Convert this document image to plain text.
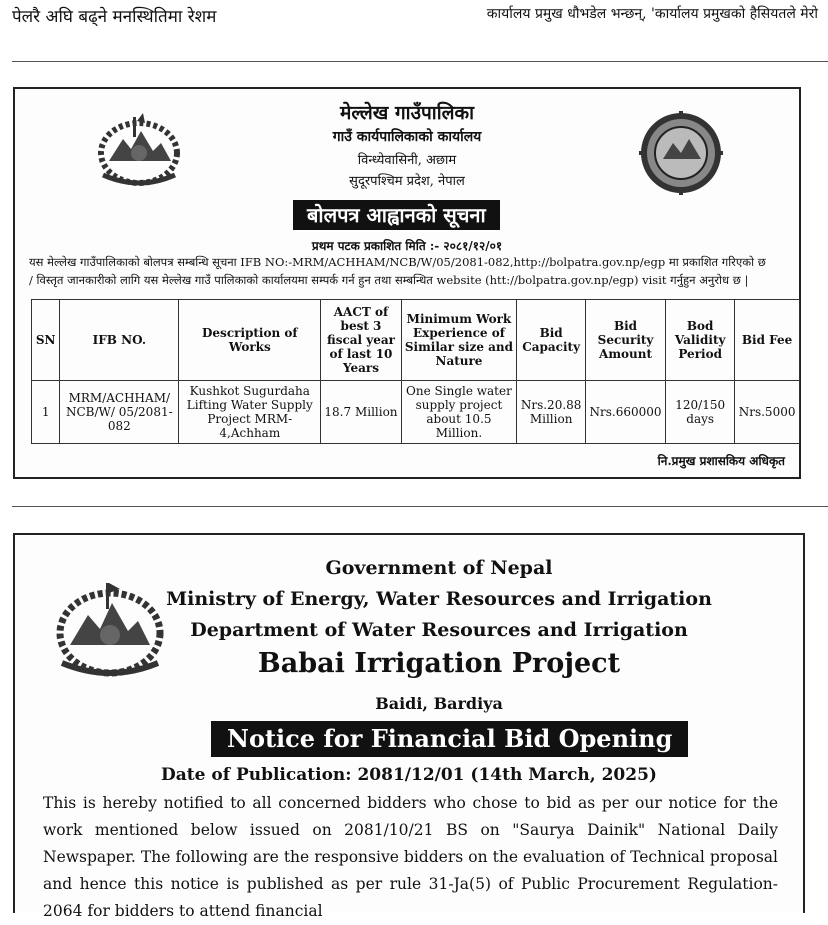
पेलरै अघि बढ्ने मनस्थितिमा रेशम	कार्यालय प्रमुख धौभडेल भन्छन्, 'कार्यालय प्रमुखको हैसियतले मेरो
मेल्लेख गाउँपालिका
गाउँ कार्यपालिकाको कार्यालय
विन्ध्येवासिनी, अछाम
सुदूरपश्चिम प्रदेश, नेपाल
बोलपत्र आह्वानको सूचना
प्रथम पटक प्रकाशित मिति :- २०८१/१२/०१
यस मेल्लेख गाउँपालिकाको बोलपत्र सम्बन्धि सूचना IFB NO:-MRM/ACHHAM/NCB/W/05/2081-082,http://bolpatra.gov.np/egp मा प्रकाशित गरिएको छ
/ विस्तृत जानकारीको लागि यस मेल्लेख गाउँ पालिकाको कार्यालयमा सम्पर्क गर्न हुन तथा सम्बन्धित website (htt://bolpatra.gov.np/egp) visit गर्नुहुन अनुरोध छ |
SN	IFB NO.	Description of Works	AACT of best 3 fiscal year of last 10 Years	Minimum Work Experience of Similar size and Nature	Bid Capacity	Bid Security Amount	Bod Validity Period	Bid Fee
1	MRM/ACHHAM/ NCB/W/ 05/2081-082	Kushkot Sugurdaha Lifting Water Supply Project MRM-4,Achham	18.7 Million	One Single water supply project about 10.5 Million.	Nrs.20.88 Million	Nrs.660000	120/150 days	Nrs.5000
नि.प्रमुख प्रशासकिय अधिकृत
Government of Nepal
Ministry of Energy, Water Resources and Irrigation
Department of Water Resources and Irrigation
Babai Irrigation Project
Baidi, Bardiya
Notice for Financial Bid Opening
Date of Publication: 2081/12/01 (14th March, 2025)
This is hereby notified to all concerned bidders who chose to bid as per our notice for the work mentioned below issued on 2081/10/21 BS on "Saurya Dainik" National Daily Newspaper. The following are the responsive bidders on the evaluation of Technical proposal and hence this notice is published as per rule 31-Ja(5) of Public Procurement Regulation-2064 for bidders to attend financial
